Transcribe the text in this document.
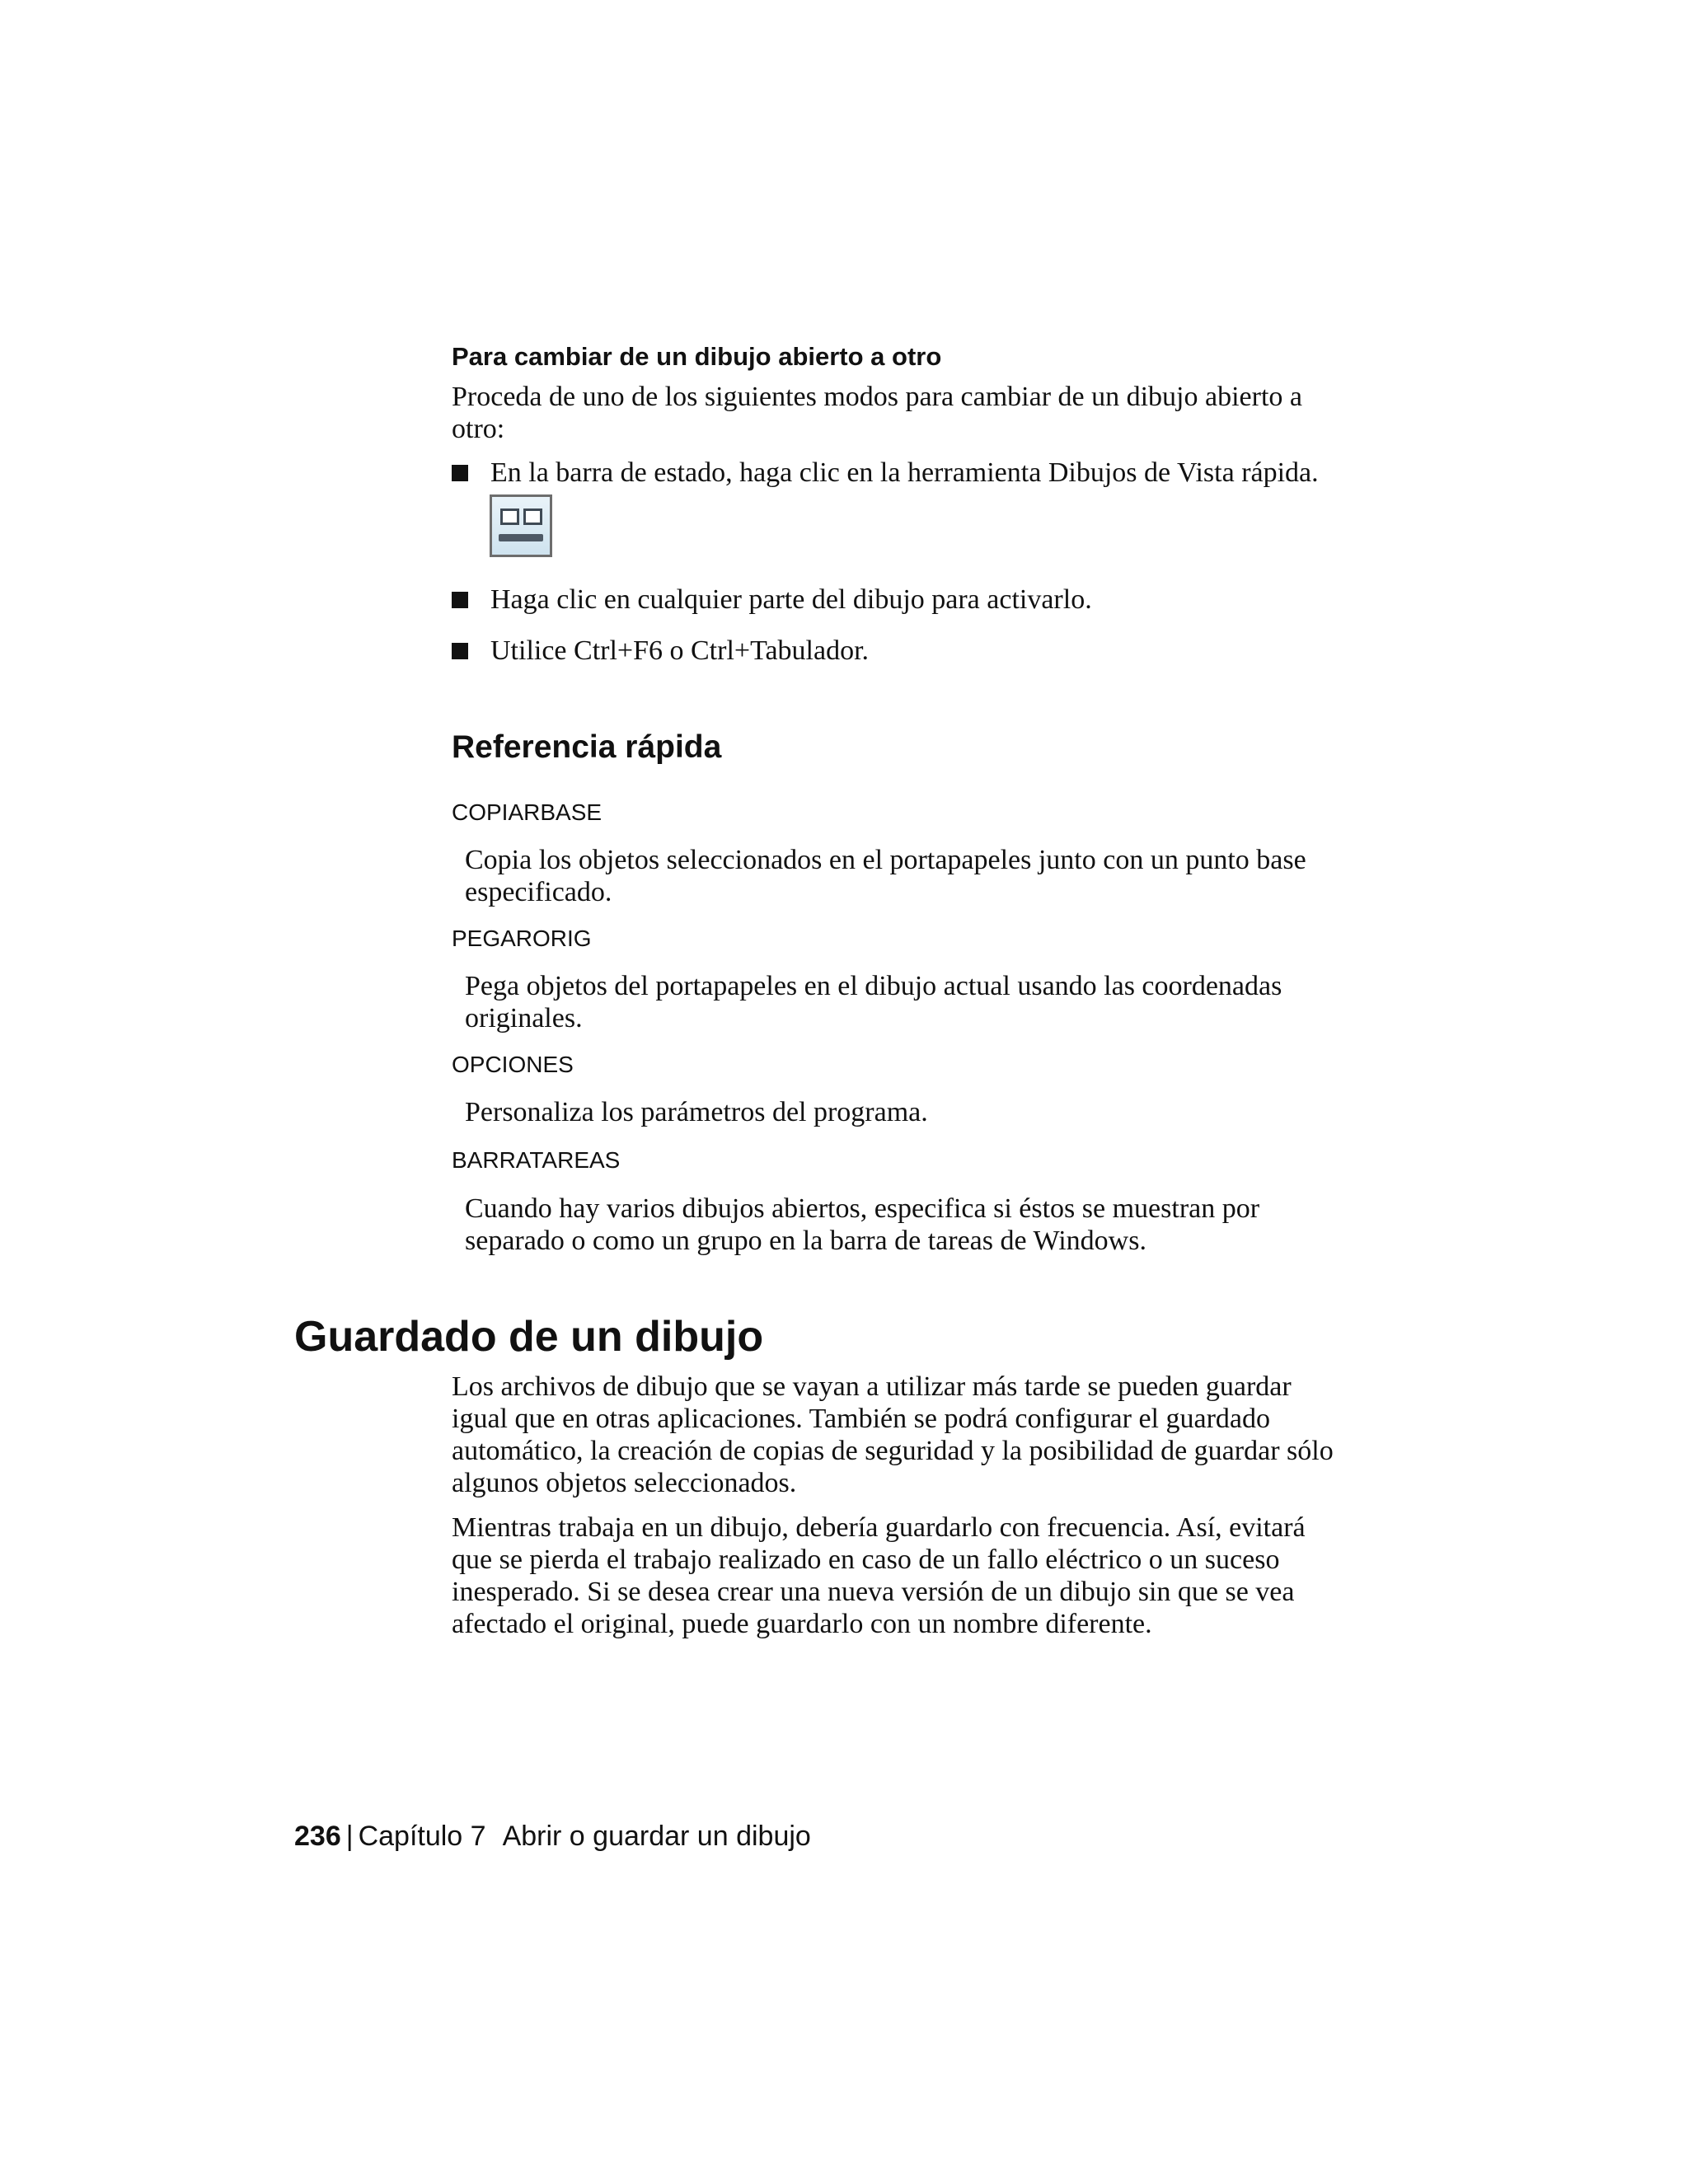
Para cambiar de un dibujo abierto a otro

Proceda de uno de los siguientes modos para cambiar de un dibujo abierto a otro:

En la barra de estado, haga clic en la herramienta Dibujos de Vista rápida.
Haga clic en cualquier parte del dibujo para activarlo.
Utilice Ctrl+F6 o Ctrl+Tabulador.
Referencia rápida
COPIARBASE

Copia los objetos seleccionados en el portapapeles junto con un punto base especificado.

PEGARORIG

Pega objetos del portapapeles en el dibujo actual usando las coordenadas originales.

OPCIONES

Personaliza los parámetros del programa.

BARRATAREAS

Cuando hay varios dibujos abiertos, especifica si éstos se muestran por separado o como un grupo en la barra de tareas de Windows.

Guardado de un dibujo

Los archivos de dibujo que se vayan a utilizar más tarde se pueden guardar igual que en otras aplicaciones. También se podrá configurar el guardado automático, la creación de copias de seguridad y la posibilidad de guardar sólo algunos objetos seleccionados.

Mientras trabaja en un dibujo, debería guardarlo con frecuencia. Así, evitará que se pierda el trabajo realizado en caso de un fallo eléctrico o un suceso inesperado. Si se desea crear una nueva versión de un dibujo sin que se vea afectado el original, puede guardarlo con un nombre diferente.

236 | Capítulo 7 Abrir o guardar un dibujo
